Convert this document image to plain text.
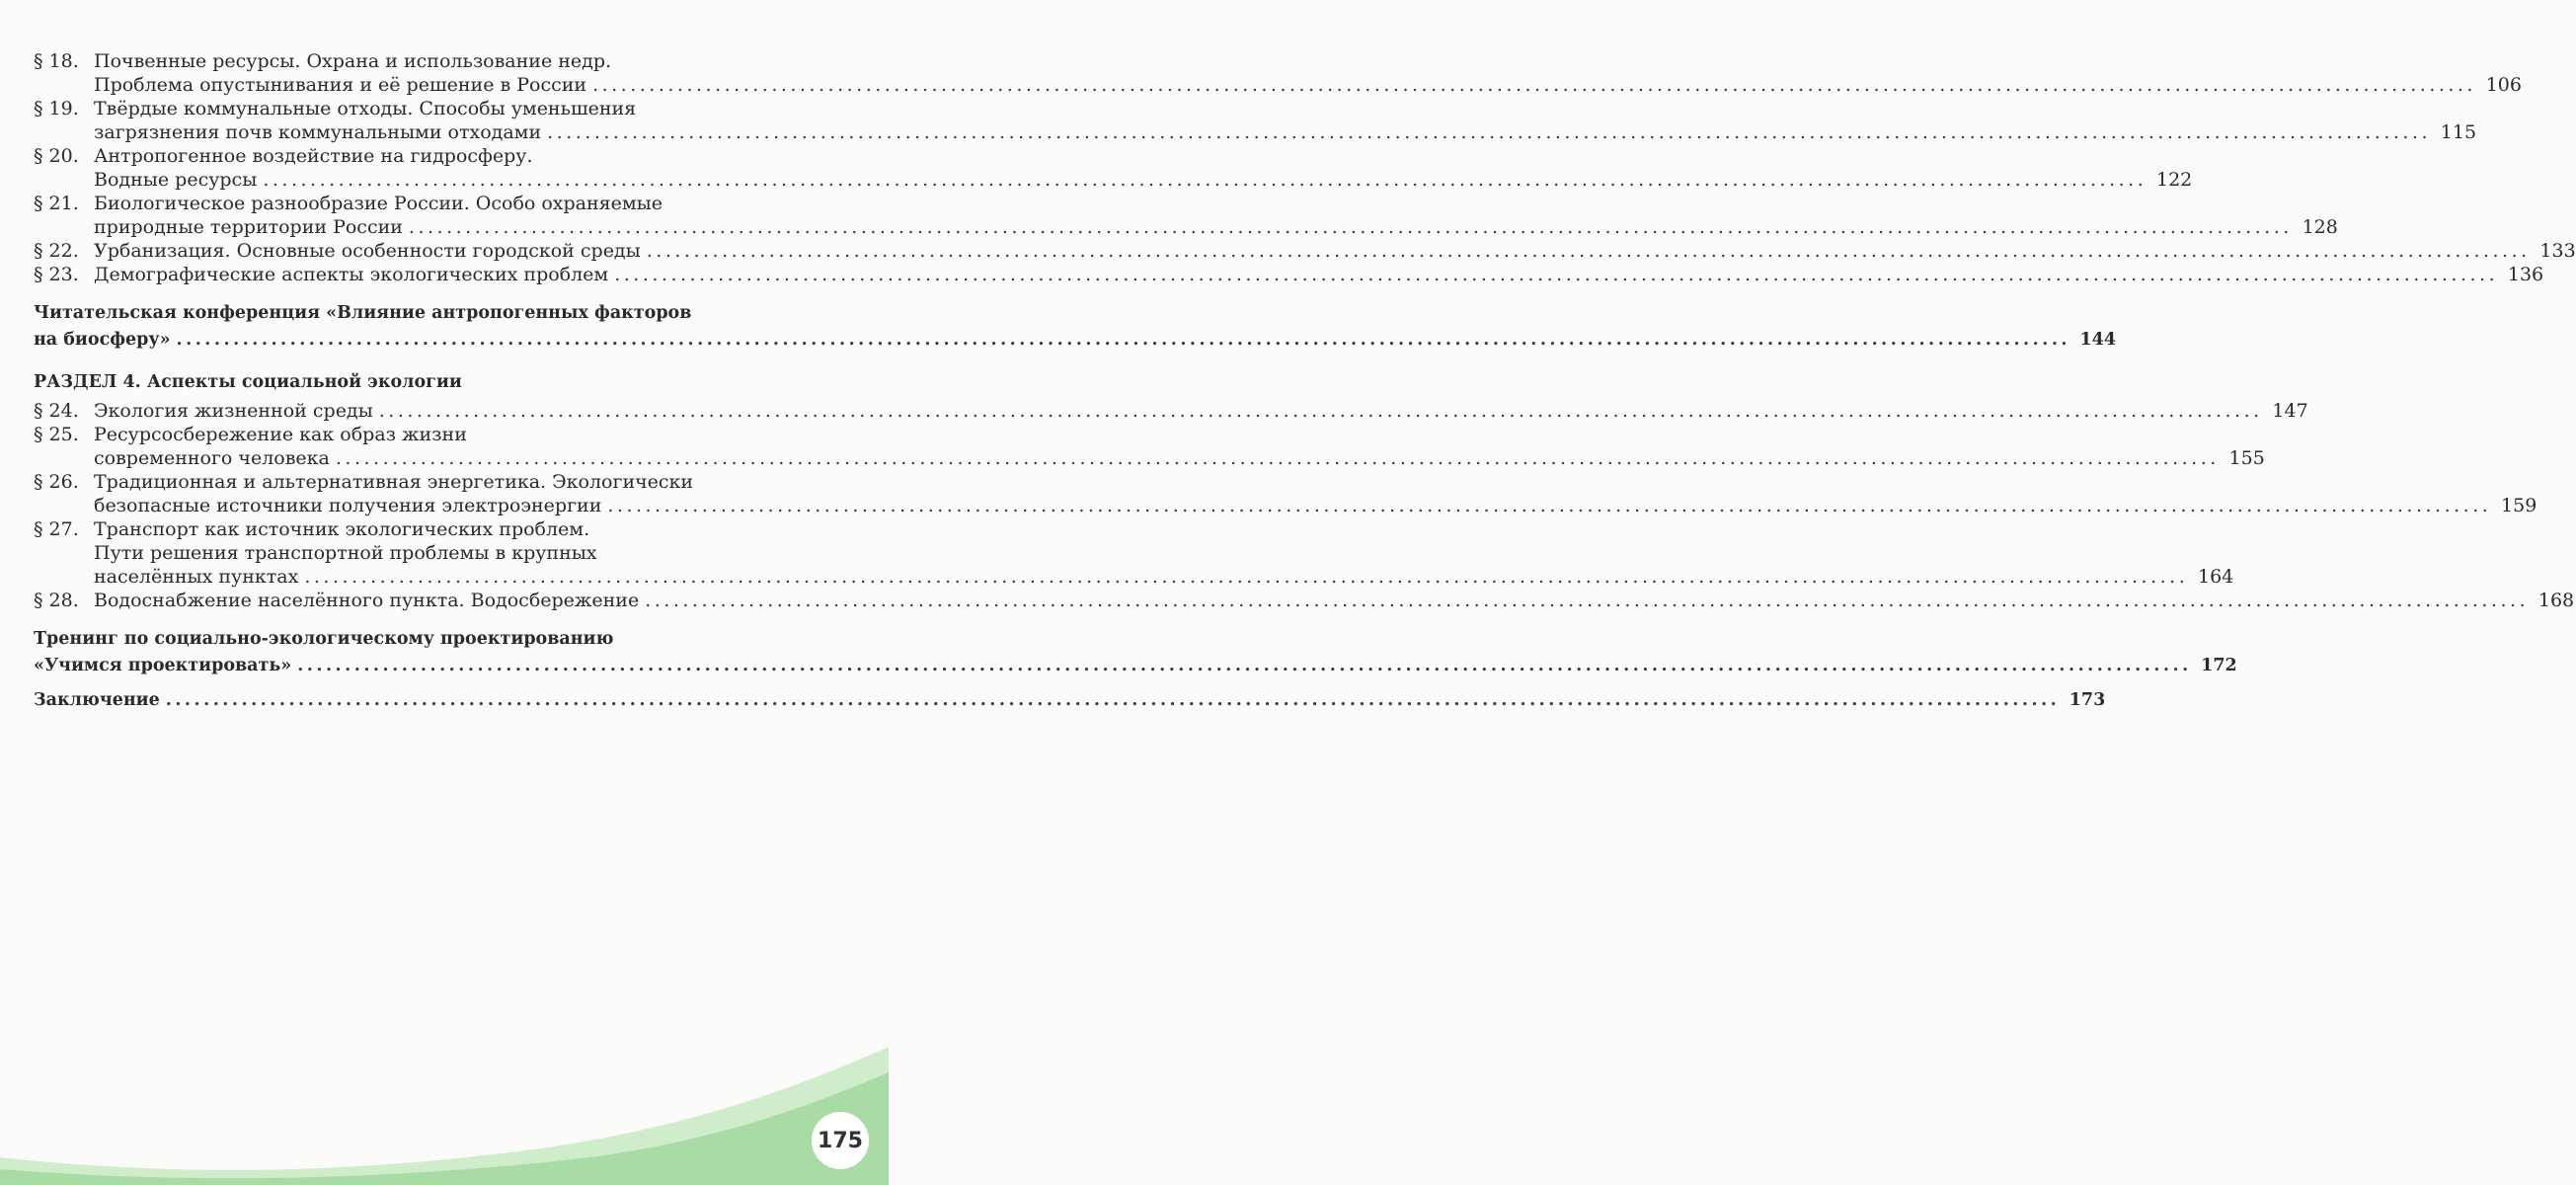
§ 18. Почвенные ресурсы. Охрана и использование недр.
Проблема опустынивания и её решение в России ........................................................................................................................................................................................................ 106
§ 19. Твёрдые коммунальные отходы. Способы уменьшения
загрязнения почв коммунальными отходами ........................................................................................................................................................................................................ 115
§ 20. Антропогенное воздействие на гидросферу.
Водные ресурсы ........................................................................................................................................................................................................ 122
§ 21. Биологическое разнообразие России. Особо охраняемые
природные территории России ........................................................................................................................................................................................................ 128
§ 22. Урбанизация. Основные особенности городской среды ........................................................................................................................................................................................................ 133
§ 23. Демографические аспекты экологических проблем ........................................................................................................................................................................................................ 136
Читательская конференция «Влияние антропогенных факторов
на биосферу» ........................................................................................................................................................................................................ 144
РАЗДЕЛ 4. Аспекты социальной экологии
§ 24. Экология жизненной среды ........................................................................................................................................................................................................ 147
§ 25. Ресурсосбережение как образ жизни
современного человека ........................................................................................................................................................................................................ 155
§ 26. Традиционная и альтернативная энергетика. Экологически
безопасные источники получения электроэнергии ........................................................................................................................................................................................................ 159
§ 27. Транспорт как источник экологических проблем.
Пути решения транспортной проблемы в крупных
населённых пунктах ........................................................................................................................................................................................................ 164
§ 28. Водоснабжение населённого пункта. Водосбережение ........................................................................................................................................................................................................ 168
Тренинг по социально-экологическому проектированию
«Учимся проектировать» ........................................................................................................................................................................................................ 172
Заключение ........................................................................................................................................................................................................ 173
175
